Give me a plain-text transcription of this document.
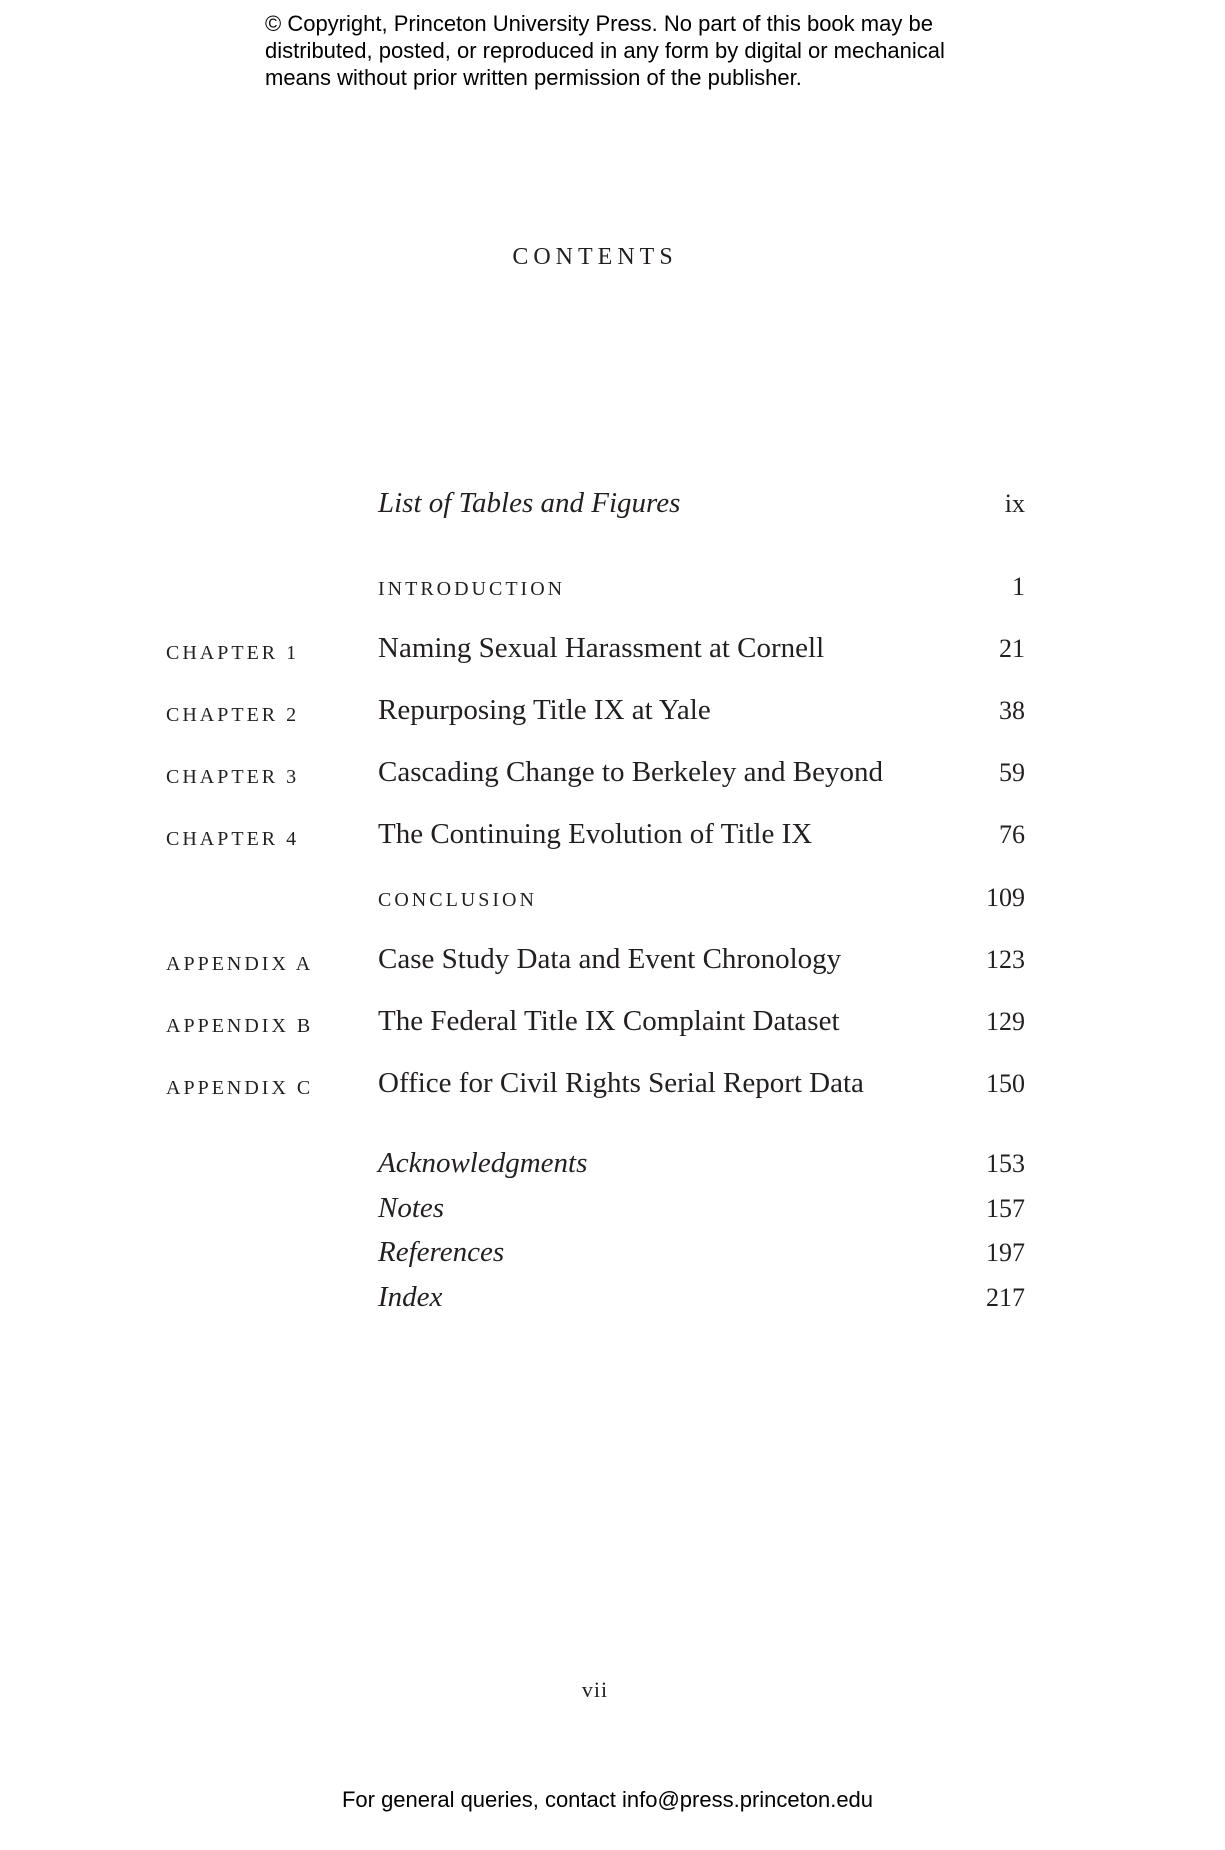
© Copyright, Princeton University Press. No part of this book may be
distributed, posted, or reproduced in any form by digital or mechanical
means without prior written permission of the publisher.
CONTENTS
List of Tables and Figures	ix
INTRODUCTION	1
CHAPTER 1	Naming Sexual Harassment at Cornell	21
CHAPTER 2	Repurposing Title IX at Yale	38
CHAPTER 3	Cascading Change to Berkeley and Beyond	59
CHAPTER 4	The Continuing Evolution of Title IX	76
CONCLUSION	109
APPENDIX A Case Study Data and Event Chronology	123
APPENDIX B The Federal Title IX Complaint Dataset	129
APPENDIX C Office for Civil Rights Serial Report Data	150
Acknowledgments	153
Notes	157
References	197
Index	217
vii
For general queries, contact info@press.princeton.edu
